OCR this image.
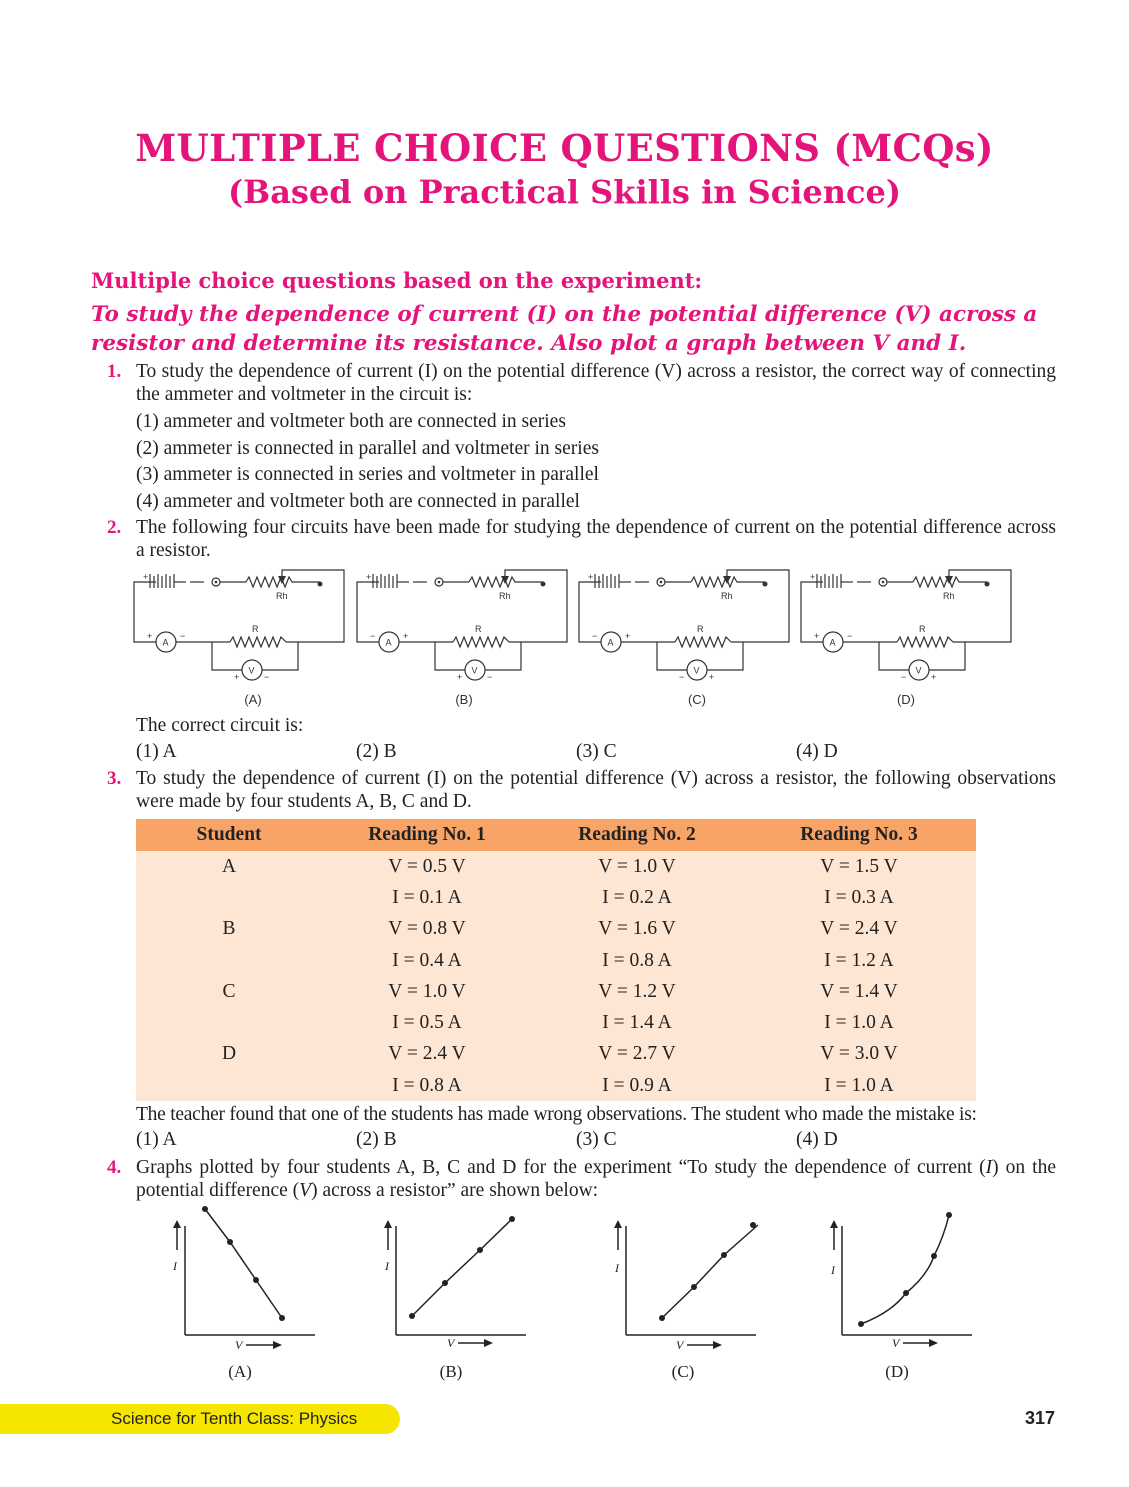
MULTIPLE CHOICE QUESTIONS (MCQs)
(Based on Practical Skills in Science)
Multiple choice questions based on the experiment:

To study the dependence of current (I) on the potential difference (V) across a resistor and determine its resistance. Also plot a graph between V and I.

1. To study the dependence of current (I) on the potential difference (V) across a resistor, the correct way of connecting the ammeter and voltmeter in the circuit is:
(1) ammeter and voltmeter both are connected in series
(2) ammeter is connected in parallel and voltmeter in series
(3) ammeter is connected in series and voltmeter in parallel
(4) ammeter and voltmeter both are connected in parallel
2. The following four circuits have been made for studying the dependence of current on the potential difference across a resistor.
+
Rh
A
+	−
R
V
+	−
+
Rh
A
−	+
R
V
+	−
+
Rh
A
−	+
R
V
−	+
+
Rh
A
+	−
R
V
−	+
(A)	(B)	(C)	(D)
The correct circuit is:
(1) A	(2) B	(3) C	(4) D
3. To study the dependence of current (I) on the potential difference (V) across a resistor, the following observations were made by four students A, B, C and D.
Student	Reading No. 1	Reading No. 2	Reading No. 3
A	V = 0.5 V	V = 1.0 V	V = 1.5 V
	I = 0.1 A	I = 0.2 A	I = 0.3 A
B	V = 0.8 V	V = 1.6 V	V = 2.4 V
	I = 0.4 A	I = 0.8 A	I = 1.2 A
C	V = 1.0 V	V = 1.2 V	V = 1.4 V
	I = 0.5 A	I = 1.4 A	I = 1.0 A
D	V = 2.4 V	V = 2.7 V	V = 3.0 V
	I = 0.8 A	I = 0.9 A	I = 1.0 A
The teacher found that one of the students has made wrong observations. The student who made the mistake is:
(1) A	(2) B	(3) C	(4) D
4. Graphs plotted by four students A, B, C and D for the experiment “To study the dependence of current (I) on the potential difference (V) across a resistor” are shown below:
I
V
I
V
I
V
I
V
(A)	(B)	(C)	(D)
Science for Tenth Class: Physics	317
